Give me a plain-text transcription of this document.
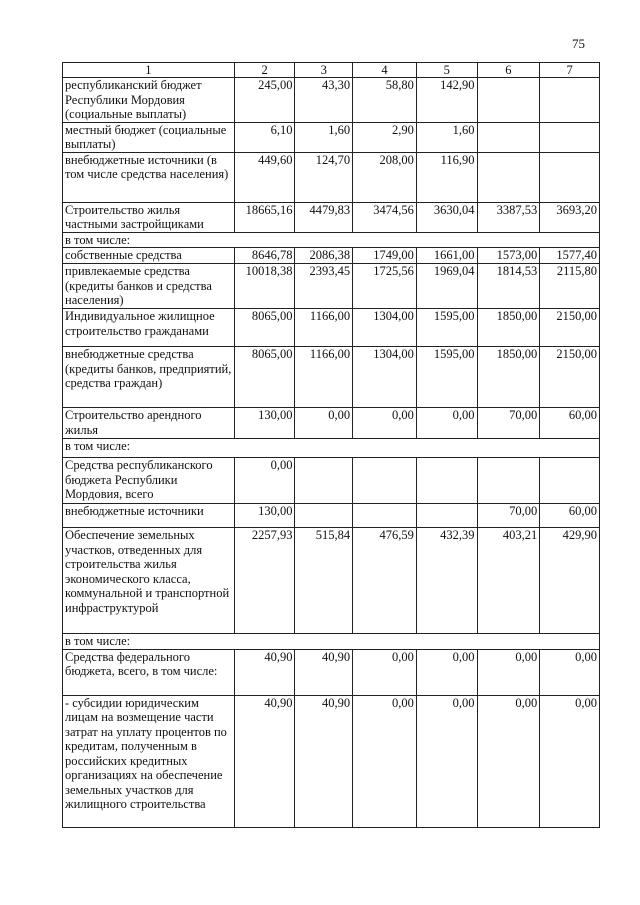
75
1	2	3	4	5	6	7
республиканский бюджет Республики Мордовия (социальные выплаты)	245,00	43,30	58,80	142,90		
местный бюджет (социальные выплаты)	6,10	1,60	2,90	1,60		
внебюджетные источники (в том числе средства населения)	449,60	124,70	208,00	116,90		
Строительство жилья частными застройщиками	18665,16	4479,83	3474,56	3630,04	3387,53	3693,20
в том числе:						
собственные средства	8646,78	2086,38	1749,00	1661,00	1573,00	1577,40
привлекаемые средства (кредиты банков и средства населения)	10018,38	2393,45	1725,56	1969,04	1814,53	2115,80
Индивидуальное жилищное строительство гражданами	8065,00	1166,00	1304,00	1595,00	1850,00	2150,00
внебюджетные средства (кредиты банков, предприятий, средства граждан)	8065,00	1166,00	1304,00	1595,00	1850,00	2150,00
Строительство арендного жилья	130,00	0,00	0,00	0,00	70,00	60,00
в том числе:						
Средства республиканского бюджета Республики Мордовия, всего	0,00					
внебюджетные источники	130,00				70,00	60,00
Обеспечение земельных участков, отведенных для строительства жилья экономического класса, коммунальной и транспортной инфраструктурой	2257,93	515,84	476,59	432,39	403,21	429,90
в том числе:						
Средства федерального бюджета, всего, в том числе:	40,90	40,90	0,00	0,00	0,00	0,00
- субсидии юридическим лицам на возмещение части затрат на уплату процентов по кредитам, полученным в российских кредитных организациях на обеспечение земельных участков для жилищного строительства	40,90	40,90	0,00	0,00	0,00	0,00
